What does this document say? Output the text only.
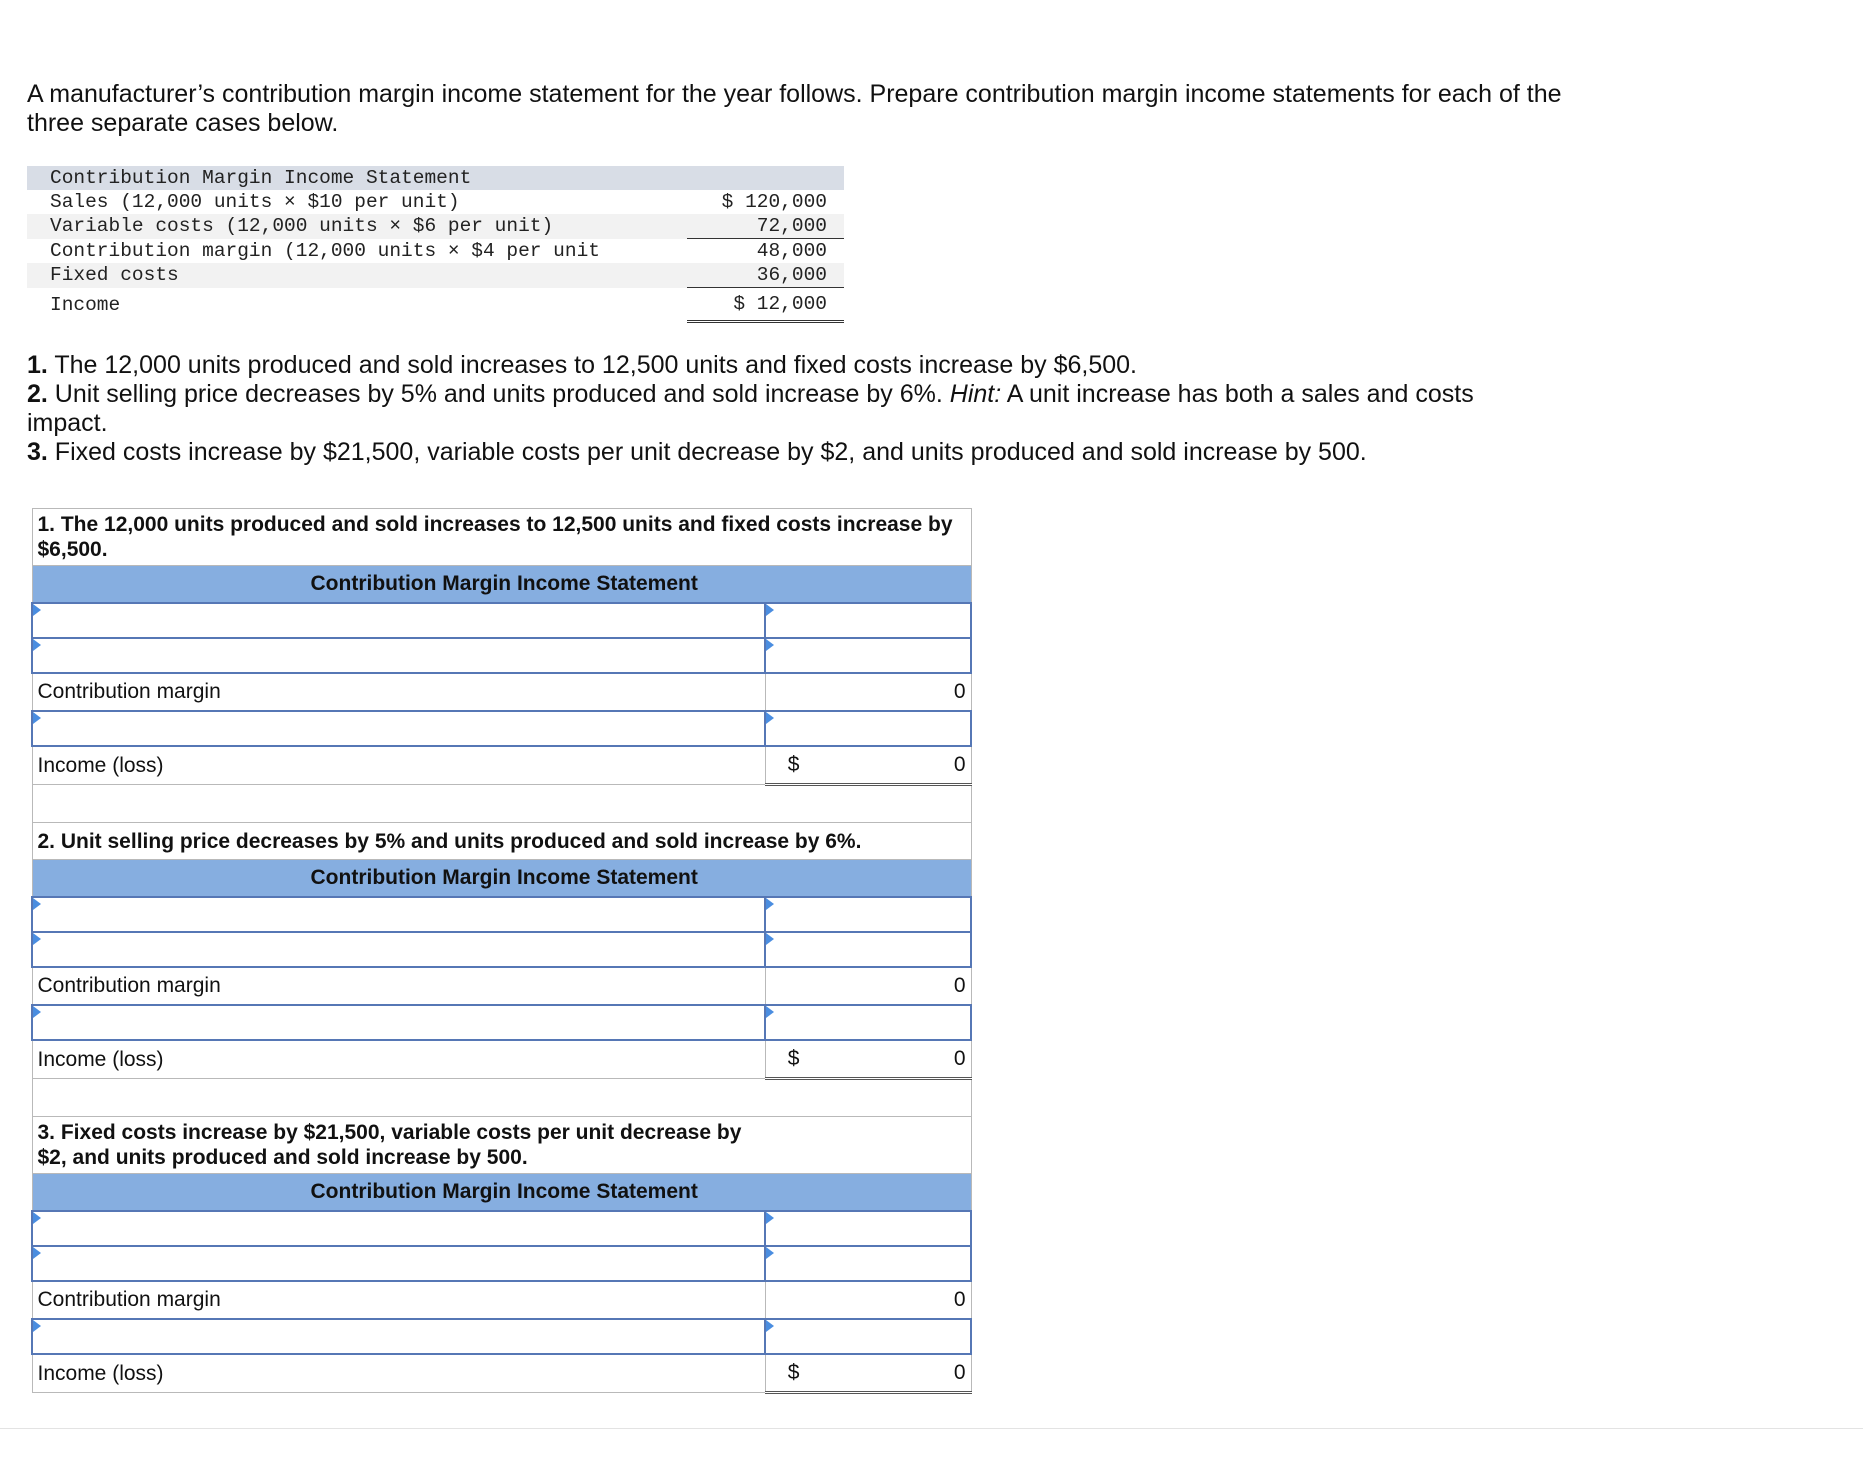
A manufacturer’s contribution margin income statement for the year follows. Prepare contribution margin income statements for each of the three separate cases below.

Contribution Margin Income Statement	
Sales (12,000 units × $10 per unit)	$ 120,000
Variable costs (12,000 units × $6 per unit)	72,000
Contribution margin (12,000 units × $4 per unit	48,000
Fixed costs	36,000
Income	$ 12,000

1. The 12,000 units produced and sold increases to 12,500 units and fixed costs increase by $6,500.

2. Unit selling price decreases by 5% and units produced and sold increase by 6%. Hint: A unit increase has both a sales and costs impact.

3. Fixed costs increase by $21,500, variable costs per unit decrease by $2, and units produced and sold increase by 500.

1. The 12,000 units produced and sold increases to 12,500 units and fixed costs increase by $6,500.	
Contribution Margin Income Statement	

Contribution margin	0

Income (loss)	$ 0

2. Unit selling price decreases by 5% and units produced and sold increase by 6%.	
Contribution Margin Income Statement	

Contribution margin	0

Income (loss)	$ 0

3. Fixed costs increase by $21,500, variable costs per unit decrease by $2, and units produced and sold increase by 500.	
Contribution Margin Income Statement	

Contribution margin	0

Income (loss)	$ 0
